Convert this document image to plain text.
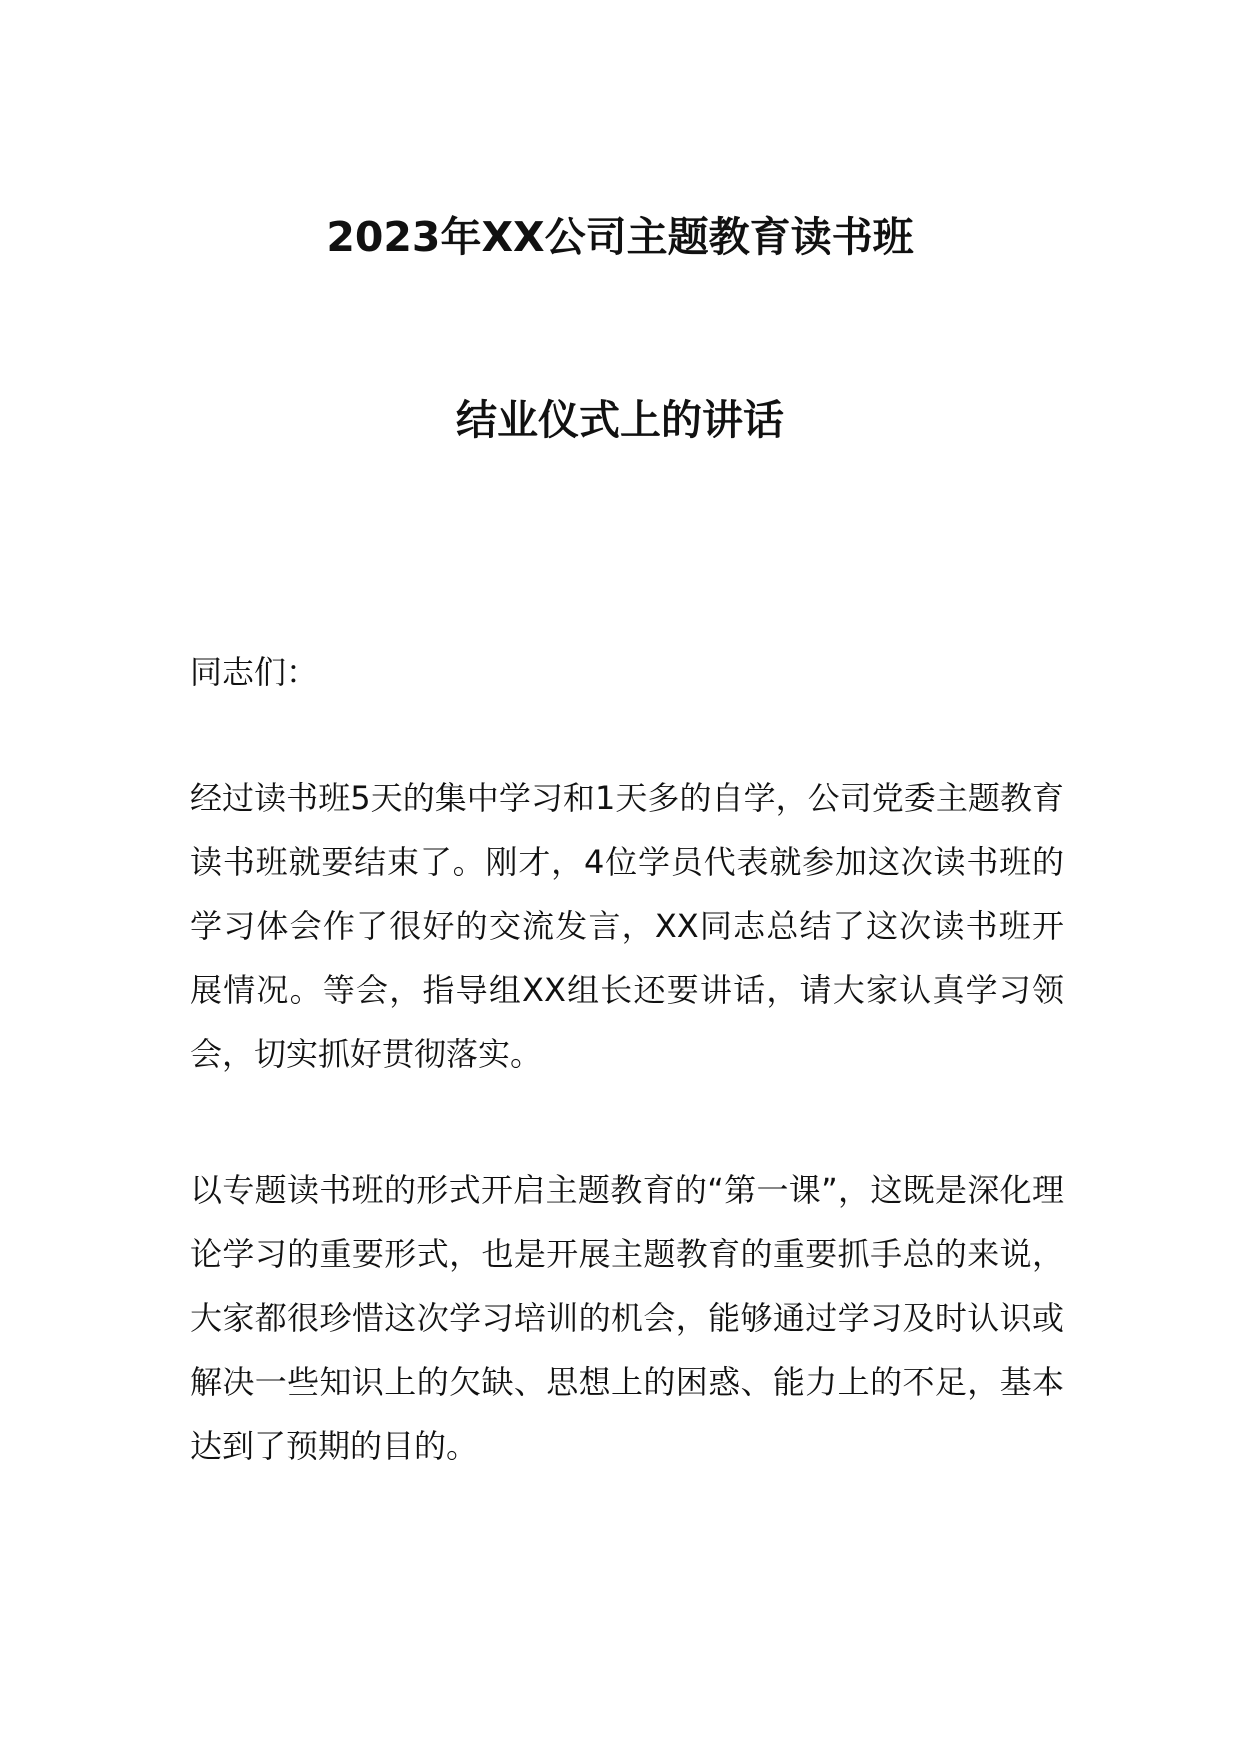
2023年XX公司主题教育读书班
结业仪式上的讲话
同志们：
经过读书班5天的集中学习和1天多的自学，公司党委主题教育读书班就要结束了。刚才，4位学员代表就参加这次读书班的学习体会作了很好的交流发言，XX同志总结了这次读书班开展情况。等会，指导组XX组长还要讲话，请大家认真学习领会，切实抓好贯彻落实。
以专题读书班的形式开启主题教育的“第一课”，这既是深化理论学习的重要形式，也是开展主题教育的重要抓手总的来说，大家都很珍惜这次学习培训的机会，能够通过学习及时认识或解决一些知识上的欠缺、思想上的困惑、能力上的不足，基本达到了预期的目的。
